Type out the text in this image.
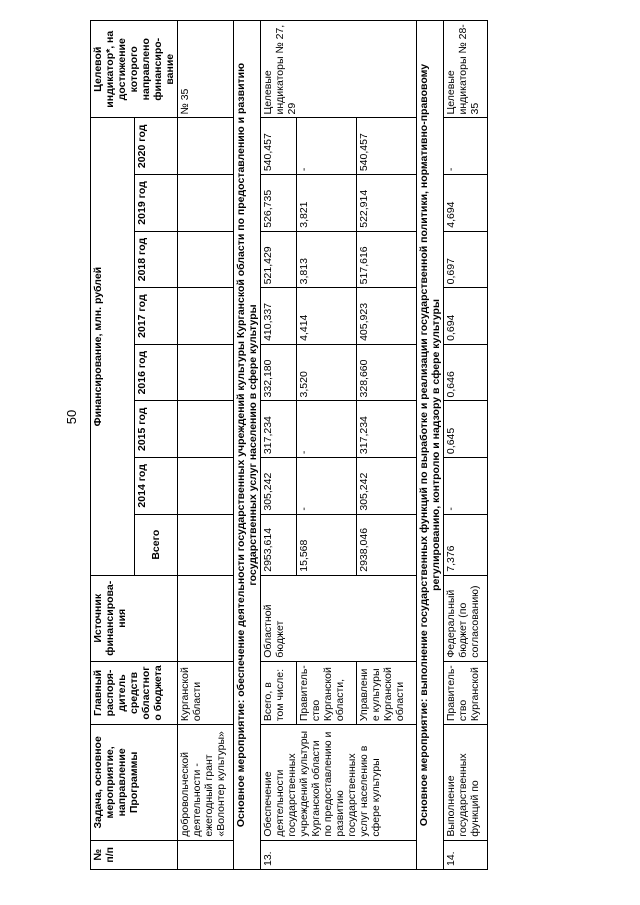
50
№ п/п	Задача, основное мероприятие, направление Программы	Главный распоря-дитель средств областного бюджета	Источник финансирова-ния	Финансирование, млн. рублей								Целевой индикатор*, на достижение которого направлено финансиро-вание
				Всего	2014 год	2015 год	2016 год	2017 год	2018 год	2019 год	2020 год	
	добровольческой деятельности - ежегодный грант «Волонтер культуры»	Курганской области										№ 35
Основное мероприятие: обеспечение деятельности государственных учреждений культуры Курганской области по предоставлению и развитию государственных услуг населению в сфере культуры												
13.	Обеспечение деятельности государственных учреждений культуры Курганской области по предоставлению и развитию государственных услуг населению в сфере культуры	Всего, в том числе:	Областной бюджет	2953,614	305,242	317,234	332,180	410,337	521,429	526,735	540,457	Целевые индикаторы № 27, 29
		Правитель-ство Курганской области,		15,568	-	-	3,520	4,414	3,813	3,821	-	
		Управление культуры Курганской области		2938,046	305,242	317,234	328,660	405,923	517,616	522,914	540,457	
Основное мероприятие: выполнение государственных функций по выработке и реализации государственной политики, нормативно-правовому регулированию, контролю и надзору в сфере культуры												
14.	Выполнение государственных функций по	Правитель-ство Курганской	Федеральный бюджет (по согласованию)	7,376	-	0,645	0,646	0,694	0,697	4,694	-	Целевые индикаторы № 28-35
